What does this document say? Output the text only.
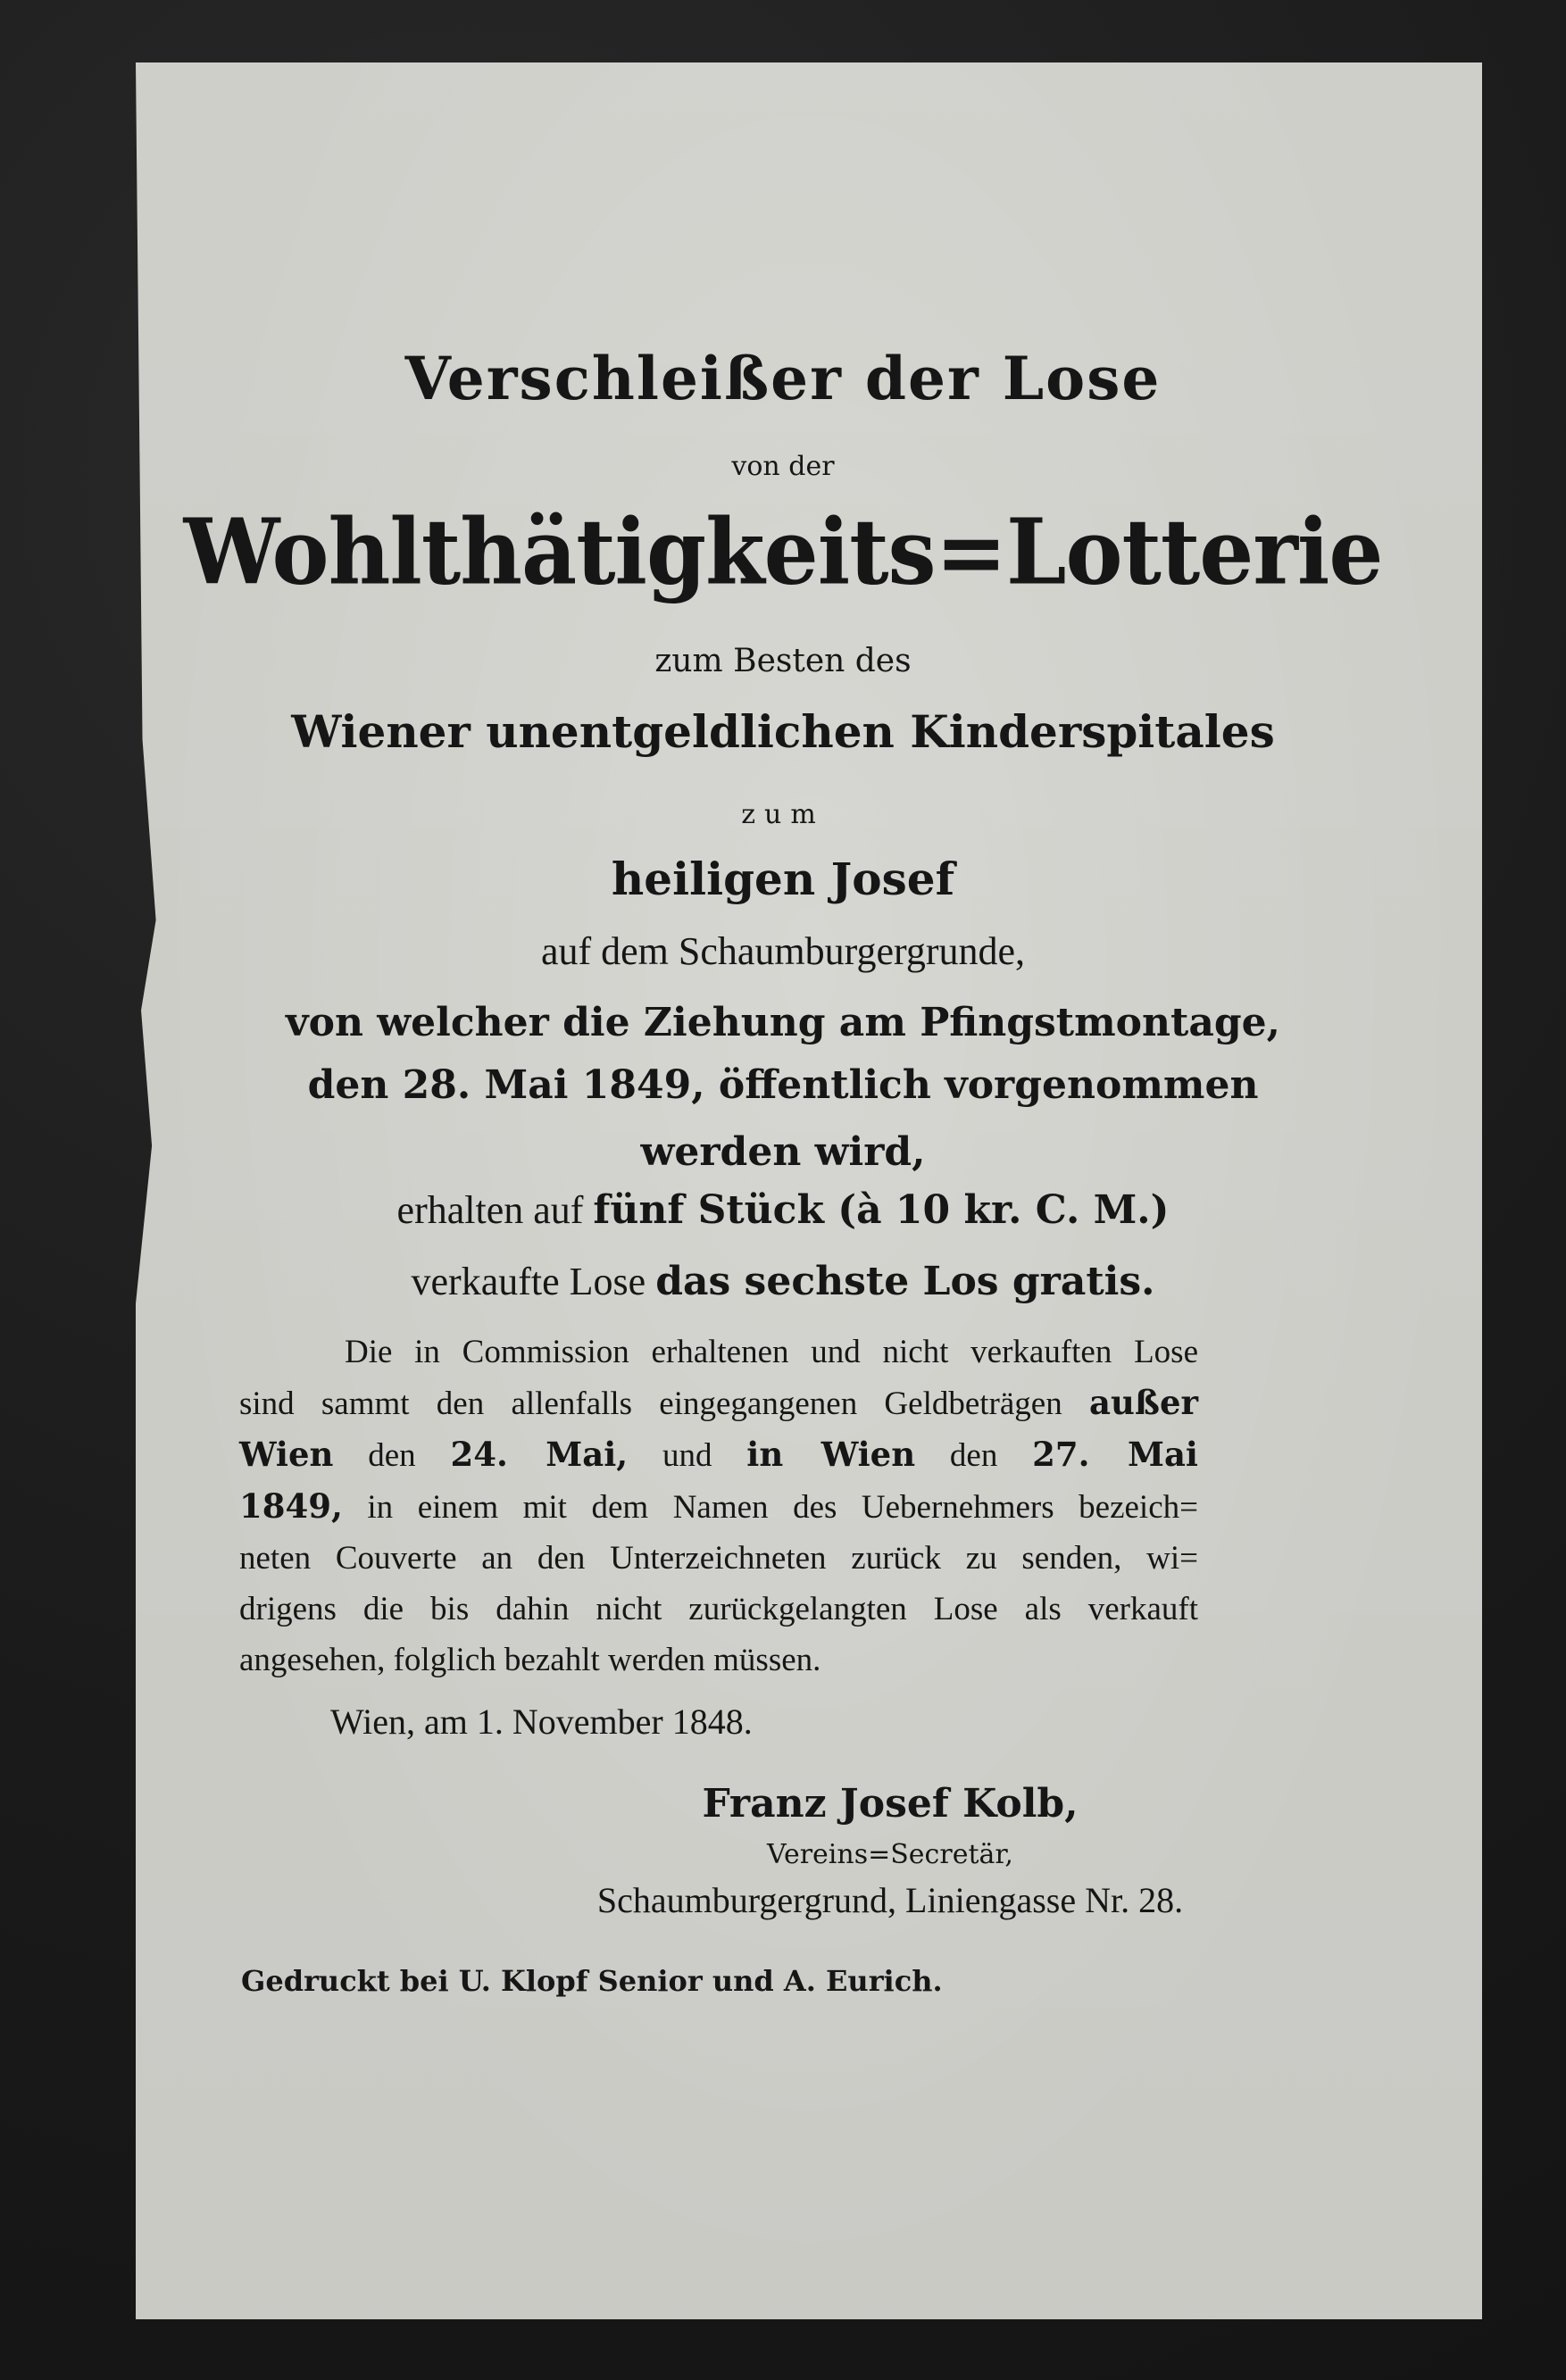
Verschleißer der Lose
von der
Wohlthätigkeits=Lotterie
zum Besten des
Wiener unentgeldlichen Kinderspitales
zum
heiligen Josef
auf dem Schaumburgergrunde,
von welcher die Ziehung am Pfingstmontage,
den 28. Mai 1849, öffentlich vorgenommen
werden wird,
erhalten auf fünf Stück (à 10 kr. C. M.)
verkaufte Lose das sechste Los gratis.
Die in Commission erhaltenen und nicht verkauften Lose
sind sammt den allenfalls eingegangenen Geldbeträgen außer
Wien den 24. Mai, und in Wien den 27. Mai
1849, in einem mit dem Namen des Uebernehmers bezeich=
neten Couverte an den Unterzeichneten zurück zu senden, wi=
drigens die bis dahin nicht zurückgelangten Lose als verkauft
angesehen, folglich bezahlt werden müssen.
Wien, am 1. November 1848.
Franz Josef Kolb,
Vereins=Secretär,
Schaumburgergrund, Liniengasse Nr. 28.
Gedruckt bei U. Klopf Senior und A. Eurich.
